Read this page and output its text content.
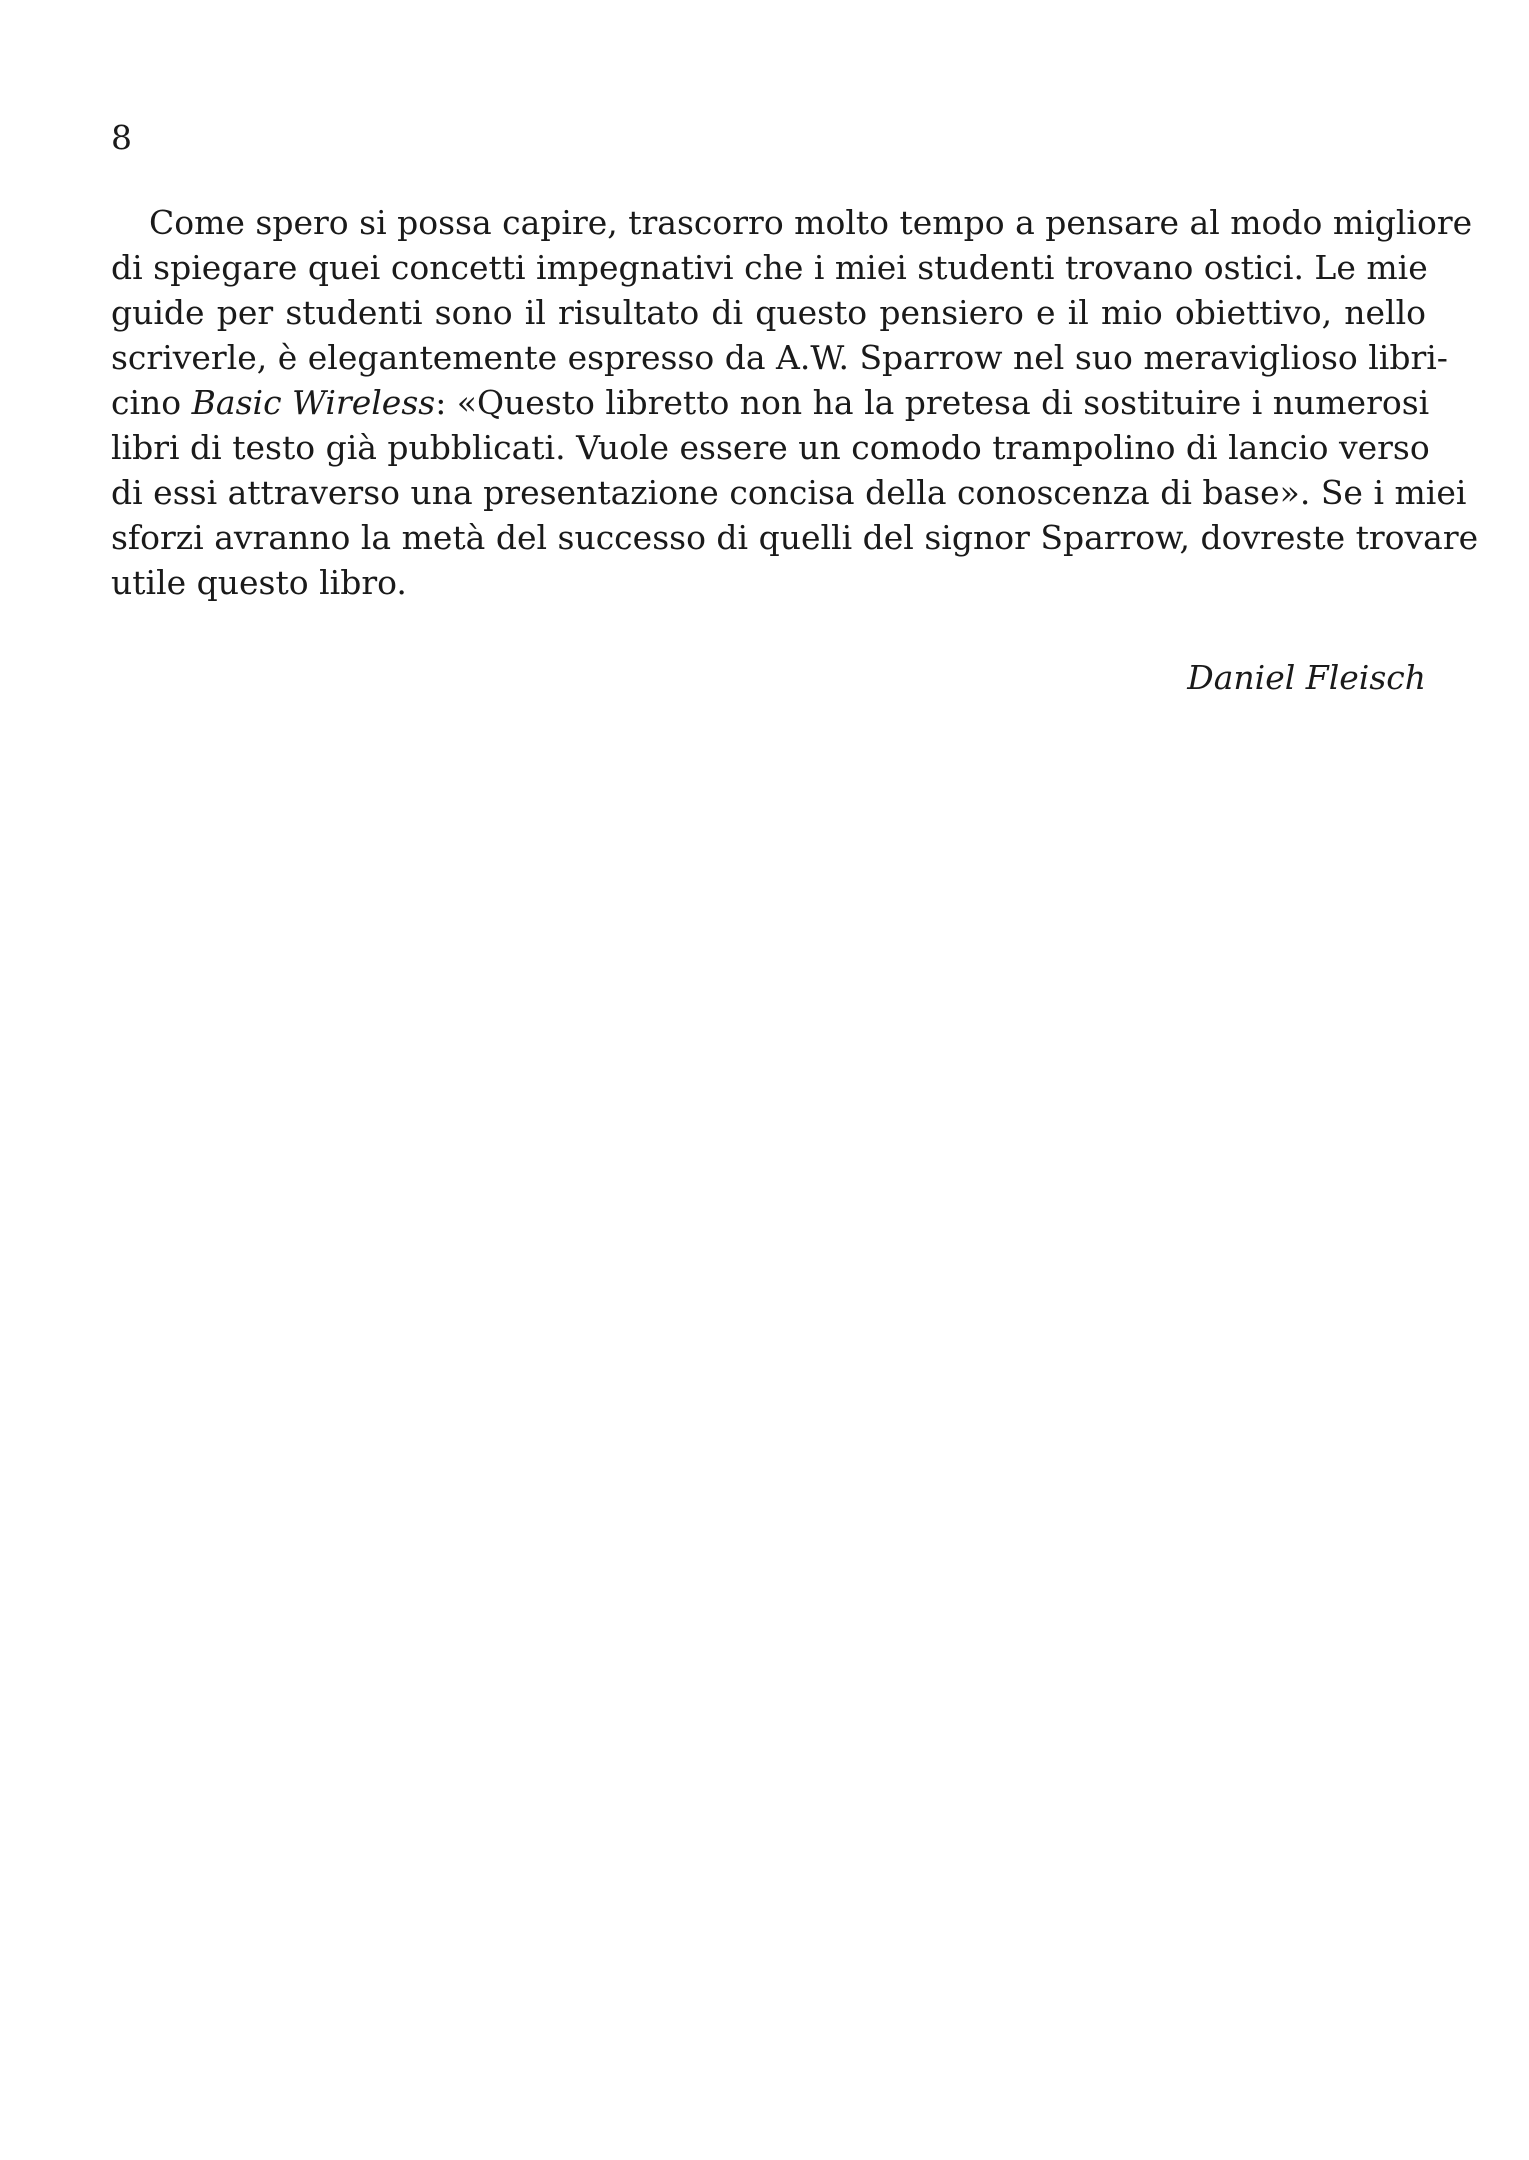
8
Come spero si possa capire, trascorro molto tempo a pensare al modo migliore
di spiegare quei concetti impegnativi che i miei studenti trovano ostici. Le mie
guide per studenti sono il risultato di questo pensiero e il mio obiettivo, nello
scriverle, è elegantemente espresso da A.W. Sparrow nel suo meraviglioso libri-
cino Basic Wireless: «Questo libretto non ha la pretesa di sostituire i numerosi
libri di testo già pubblicati. Vuole essere un comodo trampolino di lancio verso
di essi attraverso una presentazione concisa della conoscenza di base». Se i miei
sforzi avranno la metà del successo di quelli del signor Sparrow, dovreste trovare
utile questo libro.
Daniel Fleisch
